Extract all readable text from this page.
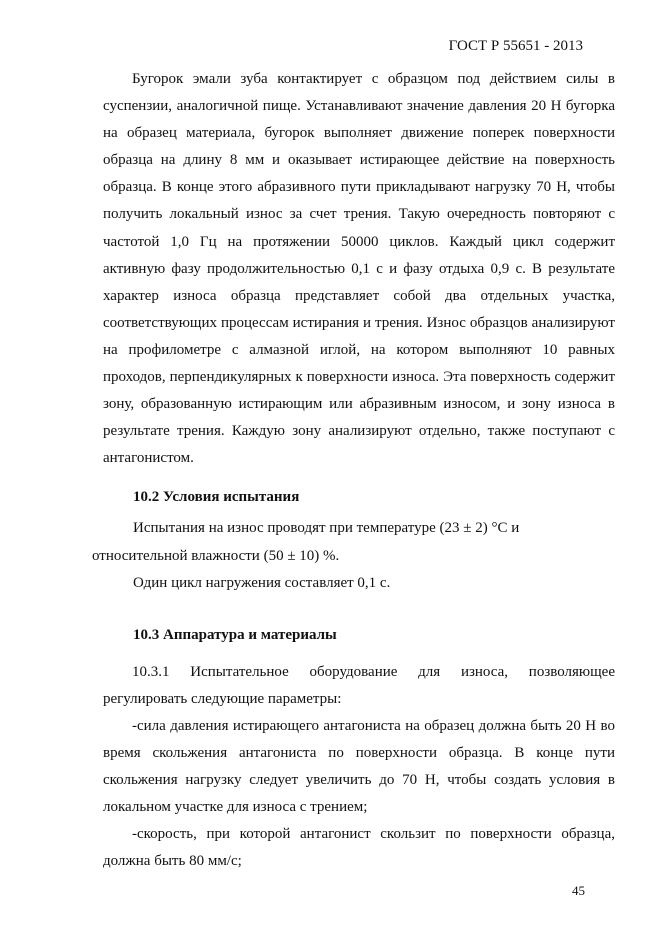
ГОСТ Р 55651 - 2013
Бугорок эмали зуба контактирует с образцом под действием силы в суспензии, аналогичной пище. Устанавливают значение давления 20 Н бугорка на образец материала, бугорок выполняет движение поперек поверхности образца на длину 8 мм и оказывает истирающее действие на поверхность образца. В конце этого абразивного пути прикладывают нагрузку 70 Н, чтобы получить локальный износ за счет трения. Такую очередность повторяют с частотой 1,0 Гц на протяжении 50000 циклов. Каждый цикл содержит активную фазу продолжительностью 0,1 с и фазу отдыха 0,9 с. В результате характер износа образца представляет собой два отдельных участка, соответствующих процессам истирания и трения. Износ образцов анализируют на профилометре с алмазной иглой, на котором выполняют 10 равных проходов, перпендикулярных к поверхности износа. Эта поверхность содержит зону, образованную истирающим или абразивным износом, и зону износа в результате трения. Каждую зону анализируют отдельно, также поступают с антагонистом.
10.2 Условия испытания
Испытания на износ проводят при температуре (23 ± 2) °С и
относительной влажности (50 ± 10) %.
Один цикл нагружения составляет 0,1 с.
10.3 Аппаратура и материалы
10.3.1 Испытательное оборудование для износа, позволяющее регулировать следующие параметры:
-сила давления истирающего антагониста на образец должна быть 20 Н во время скольжения антагониста по поверхности образца. В конце пути скольжения нагрузку следует увеличить до 70 Н, чтобы создать условия в локальном участке для износа с трением;
-скорость, при которой антагонист скользит по поверхности образца, должна быть 80 мм/с;
45
